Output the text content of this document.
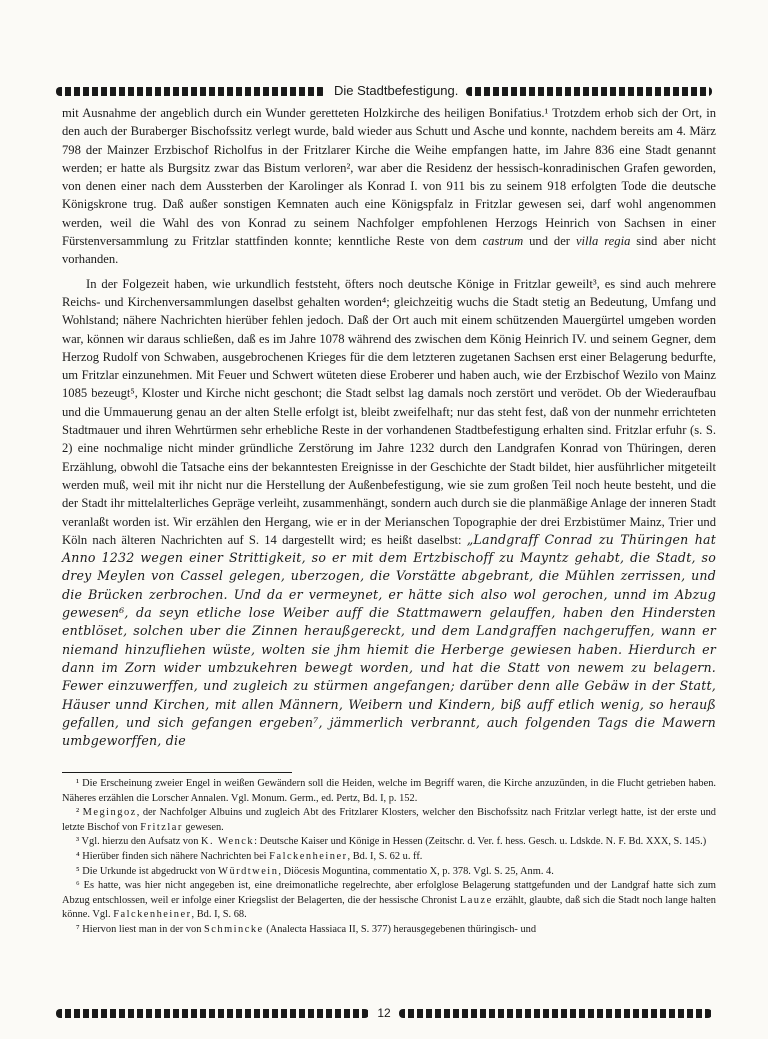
Die Stadtbefestigung.

mit Ausnahme der angeblich durch ein Wunder geretteten Holzkirche des heiligen Bonifatius.¹ Trotzdem erhob sich der Ort, in den auch der Buraberger Bischofssitz verlegt wurde, bald wieder aus Schutt und Asche und konnte, nachdem bereits am 4. März 798 der Mainzer Erzbischof Richolfus in der Fritzlarer Kirche die Weihe empfangen hatte, im Jahre 836 eine Stadt genannt werden; er hatte als Burgsitz zwar das Bistum verloren², war aber die Residenz der hessisch-konradinischen Grafen geworden, von denen einer nach dem Aussterben der Karolinger als Konrad I. von 911 bis zu seinem 918 erfolgten Tode die deutsche Königskrone trug. Daß außer sonstigen Kemnaten auch eine Königspfalz in Fritzlar gewesen sei, darf wohl angenommen werden, weil die Wahl des von Konrad zu seinem Nachfolger empfohlenen Herzogs Heinrich von Sachsen in einer Fürstenversammlung zu Fritzlar stattfinden konnte; kenntliche Reste von dem castrum und der villa regia sind aber nicht vorhanden.

In der Folgezeit haben, wie urkundlich feststeht, öfters noch deutsche Könige in Fritzlar geweilt³, es sind auch mehrere Reichs- und Kirchenversammlungen daselbst gehalten worden⁴; gleichzeitig wuchs die Stadt stetig an Bedeutung, Umfang und Wohlstand; nähere Nachrichten hierüber fehlen jedoch. Daß der Ort auch mit einem schützenden Mauergürtel umgeben worden war, können wir daraus schließen, daß es im Jahre 1078 während des zwischen dem König Heinrich IV. und seinem Gegner, dem Herzog Rudolf von Schwaben, ausgebrochenen Krieges für die dem letzteren zugetanen Sachsen erst einer Belagerung bedurfte, um Fritzlar einzunehmen. Mit Feuer und Schwert wüteten diese Eroberer und haben auch, wie der Erzbischof Wezilo von Mainz 1085 bezeugt⁵, Kloster und Kirche nicht geschont; die Stadt selbst lag damals noch zerstört und verödet. Ob der Wiederaufbau und die Ummauerung genau an der alten Stelle erfolgt ist, bleibt zweifelhaft; nur das steht fest, daß von der nunmehr errichteten Stadtmauer und ihren Wehrtürmen sehr erhebliche Reste in der vorhandenen Stadtbefestigung erhalten sind. Fritzlar erfuhr (s. S. 2) eine nochmalige nicht minder gründliche Zerstörung im Jahre 1232 durch den Landgrafen Konrad von Thüringen, deren Erzählung, obwohl die Tatsache eins der bekanntesten Ereignisse in der Geschichte der Stadt bildet, hier ausführlicher mitgeteilt werden muß, weil mit ihr nicht nur die Herstellung der Außenbefestigung, wie sie zum großen Teil noch heute besteht, und die der Stadt ihr mittelalterliches Gepräge verleiht, zusammenhängt, sondern auch durch sie die planmäßige Anlage der inneren Stadt veranlaßt worden ist. Wir erzählen den Hergang, wie er in der Merianschen Topographie der drei Erzbistümer Mainz, Trier und Köln nach älteren Nachrichten auf S. 14 dargestellt wird; es heißt daselbst: „Landgraff Conrad zu Thüringen hat Anno 1232 wegen einer Strittigkeit, so er mit dem Ertzbischoff zu Mayntz gehabt, die Stadt, so drey Meylen von Cassel gelegen, uberzogen, die Vorstätte abgebrant, die Mühlen zerrissen, und die Brücken zerbrochen. Und da er vermeynet, er hätte sich also wol gerochen, unnd im Abzug gewesen⁶, da seyn etliche lose Weiber auff die Stattmawern gelauffen, haben den Hindersten entblöset, solchen uber die Zinnen heraußgereckt, und dem Landgraffen nachgeruffen, wann er niemand hinzufliehen wüste, wolten sie jhm hiemit die Herberge gewiesen haben. Hierdurch er dann im Zorn wider umbzukehren bewegt worden, und hat die Statt von newem zu belagern. Fewer einzuwerffen, und zugleich zu stürmen angefangen; darüber denn alle Gebäw in der Statt, Häuser unnd Kirchen, mit allen Männern, Weibern und Kindern, biß auff etlich wenig, so herauß gefallen, und sich gefangen ergeben⁷, jämmerlich verbrannt, auch folgenden Tags die Mawern umbgeworffen, die

¹ Die Erscheinung zweier Engel in weißen Gewändern soll die Heiden, welche im Begriff waren, die Kirche anzuzünden, in die Flucht getrieben haben. Näheres erzählen die Lorscher Annalen. Vgl. Monum. Germ., ed. Pertz, Bd. I, p. 152.

² Megingoz, der Nachfolger Albuins und zugleich Abt des Fritzlarer Klosters, welcher den Bischofssitz nach Fritzlar verlegt hatte, ist der erste und letzte Bischof von Fritzlar gewesen.

³ Vgl. hierzu den Aufsatz von K. Wenck: Deutsche Kaiser und Könige in Hessen (Zeitschr. d. Ver. f. hess. Gesch. u. Ldskde. N. F. Bd. XXX, S. 145.)

⁴ Hierüber finden sich nähere Nachrichten bei Falckenheiner, Bd. I, S. 62 u. ff.

⁵ Die Urkunde ist abgedruckt von Würdtwein, Diöcesis Moguntina, commentatio X, p. 378. Vgl. S. 25, Anm. 4.

⁶ Es hatte, was hier nicht angegeben ist, eine dreimonatliche regelrechte, aber erfolglose Belagerung stattgefunden und der Landgraf hatte sich zum Abzug entschlossen, weil er infolge einer Kriegslist der Belagerten, die der hessische Chronist Lauze erzählt, glaubte, daß sich die Stadt noch lange halten könne. Vgl. Falckenheiner, Bd. I, S. 68.

⁷ Hiervon liest man in der von Schmincke (Analecta Hassiaca II, S. 377) herausgegebenen thüringisch- und

12
